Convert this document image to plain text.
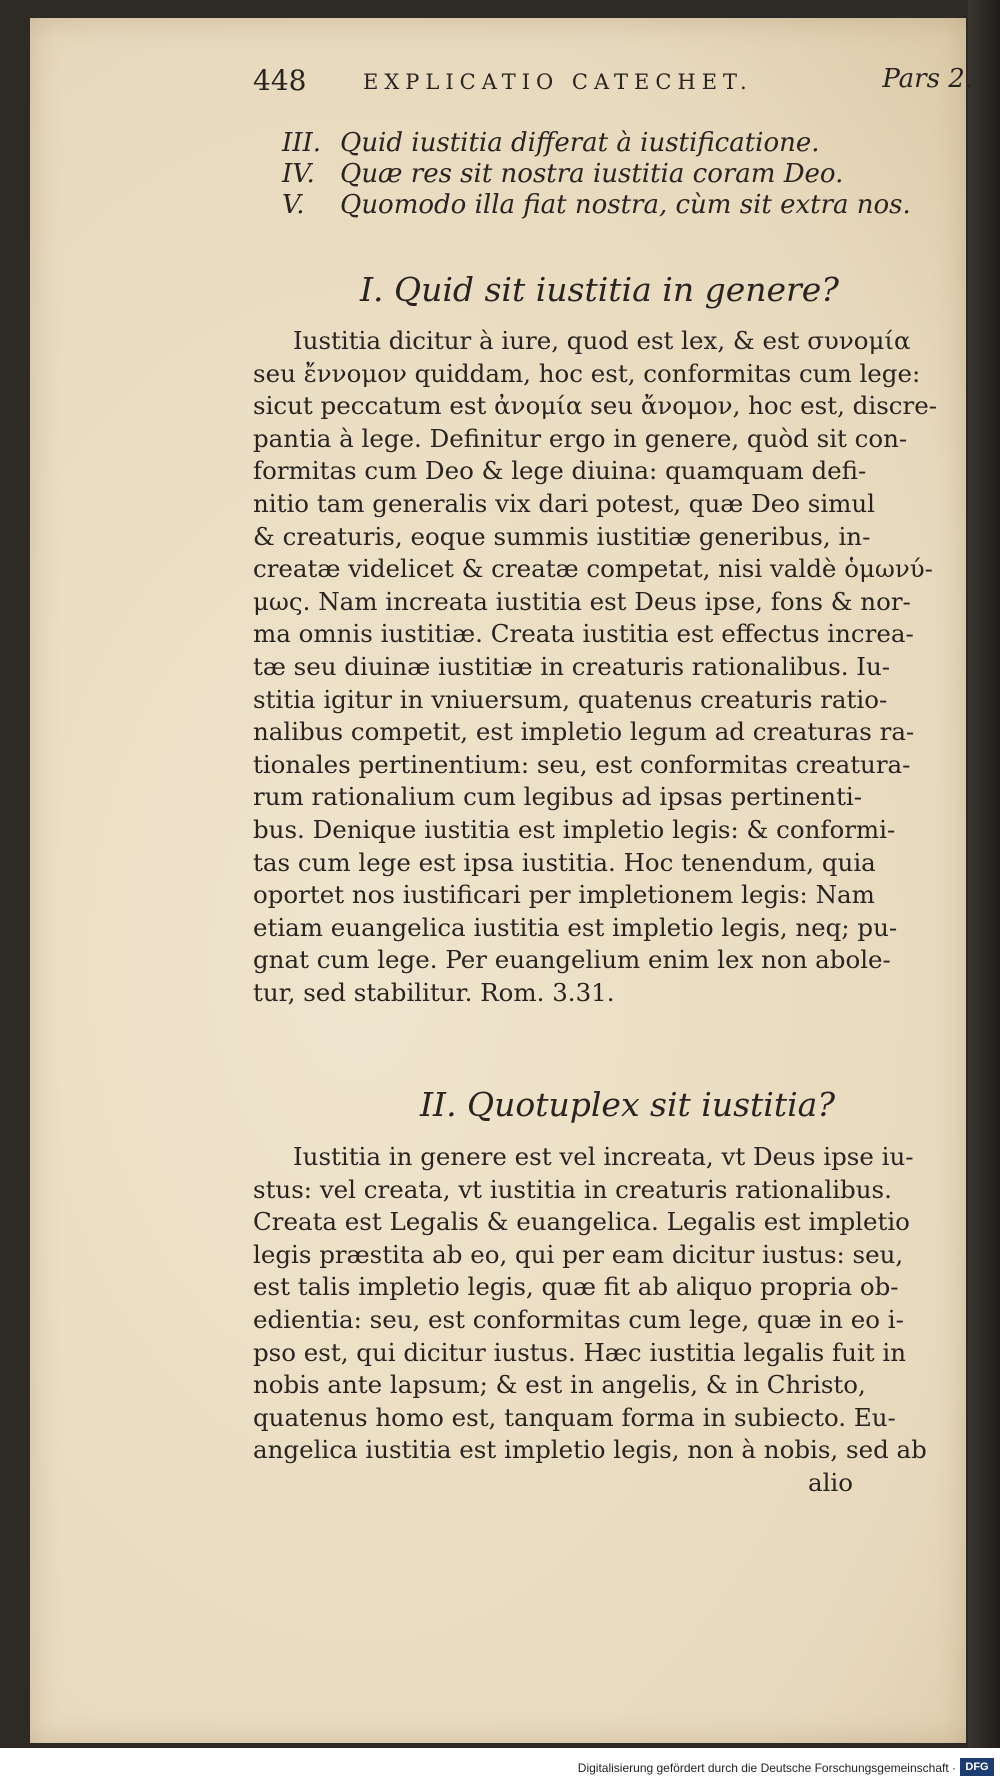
448	EXPLICATIO CATECHET.	Pars 2.
III. Quid iustitia differat à iustificatione.
IV. Quæ res sit nostra iustitia coram Deo.
V.	Quomodo illa fiat nostra, cùm sit extra nos.
I. Quid sit iustitia in genere?
Iustitia dicitur à iure, quod est lex, & est συνομία
seu ἔννομον quiddam, hoc est, conformitas cum lege:
sicut peccatum est ἀνομία seu ἄνομον, hoc est, discre-
pantia à lege. Definitur ergo in genere, quòd sit con-
formitas cum Deo & lege diuina: quamquam defi-
nitio tam generalis vix dari potest, quæ Deo simul
& creaturis, eoque summis iustitiæ generibus, in-
creatæ videlicet & creatæ competat, nisi valdè ὁμωνύ-
μως. Nam increata iustitia est Deus ipse, fons & nor-
ma omnis iustitiæ. Creata iustitia est effectus increa-
tæ seu diuinæ iustitiæ in creaturis rationalibus. Iu-
stitia igitur in vniuersum, quatenus creaturis ratio-
nalibus competit, est impletio legum ad creaturas ra-
tionales pertinentium: seu, est conformitas creatura-
rum rationalium cum legibus ad ipsas pertinenti-
bus. Denique iustitia est impletio legis: & conformi-
tas cum lege est ipsa iustitia. Hoc tenendum, quia
oportet nos iustificari per impletionem legis: Nam
etiam euangelica iustitia est impletio legis, neq; pu-
gnat cum lege. Per euangelium enim lex non abole-
tur, sed stabilitur. Rom. 3.31.
II. Quotuplex sit iustitia?
Iustitia in genere est vel increata, vt Deus ipse iu-
stus: vel creata, vt iustitia in creaturis rationalibus.
Creata est Legalis & euangelica. Legalis est impletio
legis præstita ab eo, qui per eam dicitur iustus: seu,
est talis impletio legis, quæ fit ab aliquo propria ob-
edientia: seu, est conformitas cum lege, quæ in eo i-
pso est, qui dicitur iustus. Hæc iustitia legalis fuit in
nobis ante lapsum; & est in angelis, & in Christo,
quatenus homo est, tanquam forma in subiecto. Eu-
angelica iustitia est impletio legis, non à nobis, sed ab
alio
Digitalisierung gefördert durch die Deutsche Forschungsgemeinschaft · DFG
